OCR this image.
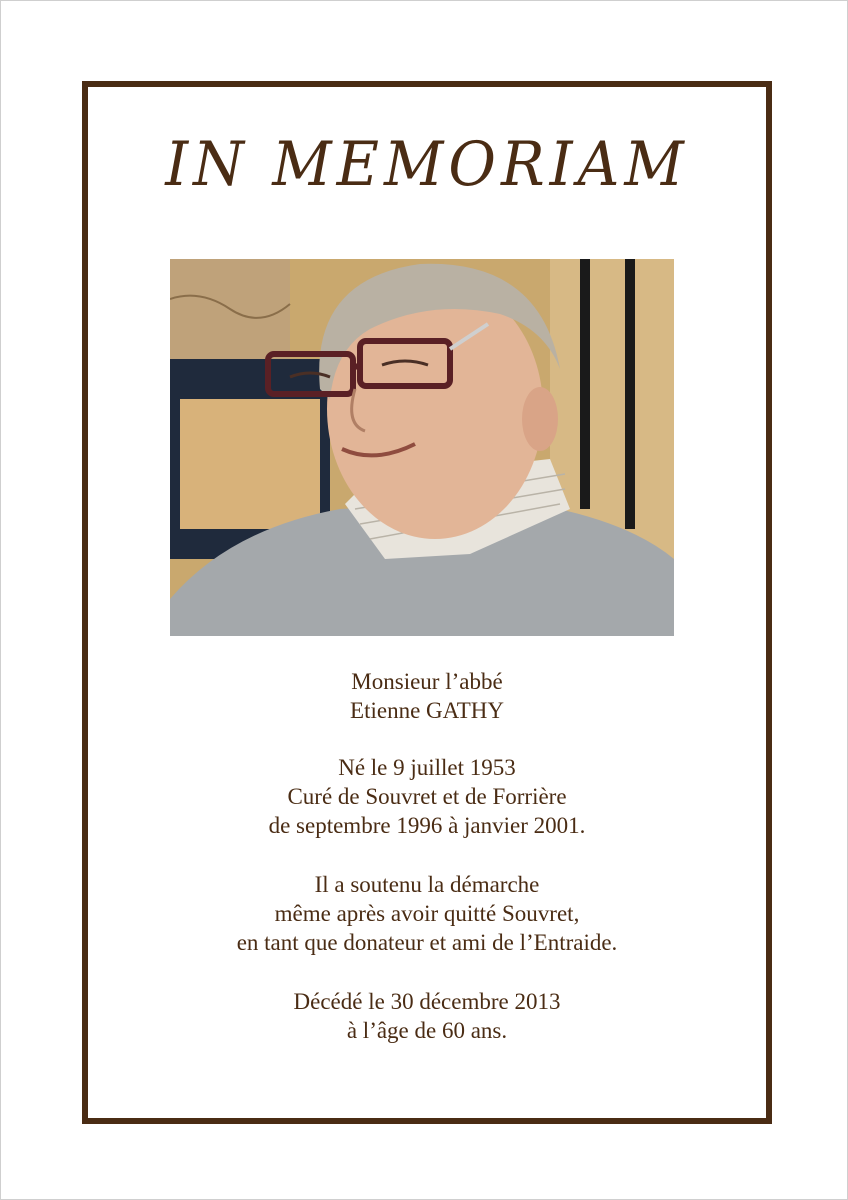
IN MEMORIAM
Monsieur l’abbé
Etienne GATHY
Né le 9 juillet 1953
Curé de Souvret et de Forrière
de septembre 1996 à janvier 2001.
Il a soutenu la démarche
même après avoir quitté Souvret,
en tant que donateur et ami de l’Entraide.
Décédé le 30 décembre 2013
à l’âge de 60 ans.
